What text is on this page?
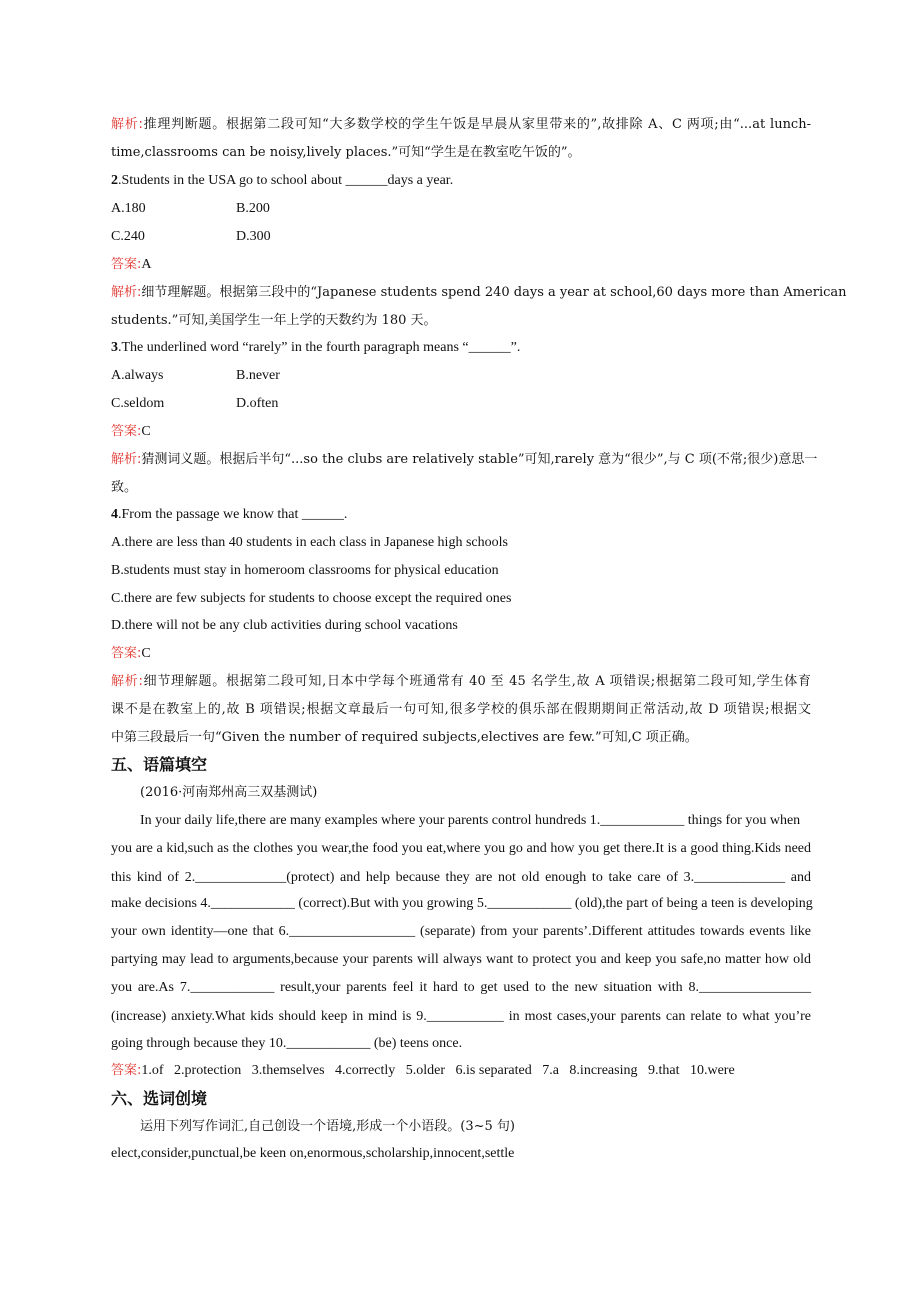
解析:推理判断题。根据第二段可知“大多数学校的学生午饭是早晨从家里带来的”,故排除 A、C 两项;由“...at lunch-
time,classrooms can be noisy,lively places.”可知“学生是在教室吃午饭的”。
2.Students in the USA go to school about ______days a year.
A.180	B.200
C.240	D.300
答案:A
解析:细节理解题。根据第三段中的“Japanese students spend 240 days a year at school,60 days more than American
students.”可知,美国学生一年上学的天数约为 180 天。
3.The underlined word “rarely” in the fourth paragraph means “______”.
A.always	B.never
C.seldom	D.often
答案:C
解析:猜测词义题。根据后半句“...so the clubs are relatively stable”可知,rarely 意为“很少”,与 C 项(不常;很少)意思一
致。
4.From the passage we know that ______.
A.there are less than 40 students in each class in Japanese high schools
B.students must stay in homeroom classrooms for physical education
C.there are few subjects for students to choose except the required ones
D.there will not be any club activities during school vacations
答案:C
解析:细节理解题。根据第二段可知,日本中学每个班通常有 40 至 45 名学生,故 A 项错误;根据第二段可知,学生体育
课不是在教室上的,故 B 项错误;根据文章最后一句可知,很多学校的俱乐部在假期期间正常活动,故 D 项错误;根据文
中第三段最后一句“Given the number of required subjects,electives are few.”可知,C 项正确。
五、语篇填空
(2016·河南郑州高三双基测试)
In your daily life,there are many examples where your parents control hundreds 1.____________ things for you when
you are a kid,such as the clothes you wear,the food you eat,where you go and how you get there.It is a good thing.Kids need
this kind of 2._____________(protect) and help because they are not old enough to take care of 3._____________ and
make decisions 4.____________ (correct).But with you growing 5.____________ (old),the part of being a teen is developing
your own identity—one that 6.__________________ (separate) from your parents’.Different attitudes towards events like
partying may lead to arguments,because your parents will always want to protect you and keep you safe,no matter how old
you are.As 7.____________ result,your parents feel it hard to get used to the new situation with 8.________________
(increase) anxiety.What kids should keep in mind is 9.___________ in most cases,your parents can relate to what you’re
going through because they 10.____________ (be) teens once.
答案:1.of   2.protection   3.themselves   4.correctly   5.older   6.is separated   7.a   8.increasing   9.that   10.were
六、选词创境
运用下列写作词汇,自己创设一个语境,形成一个小语段。(3~5 句)
elect,consider,punctual,be keen on,enormous,scholarship,innocent,settle
